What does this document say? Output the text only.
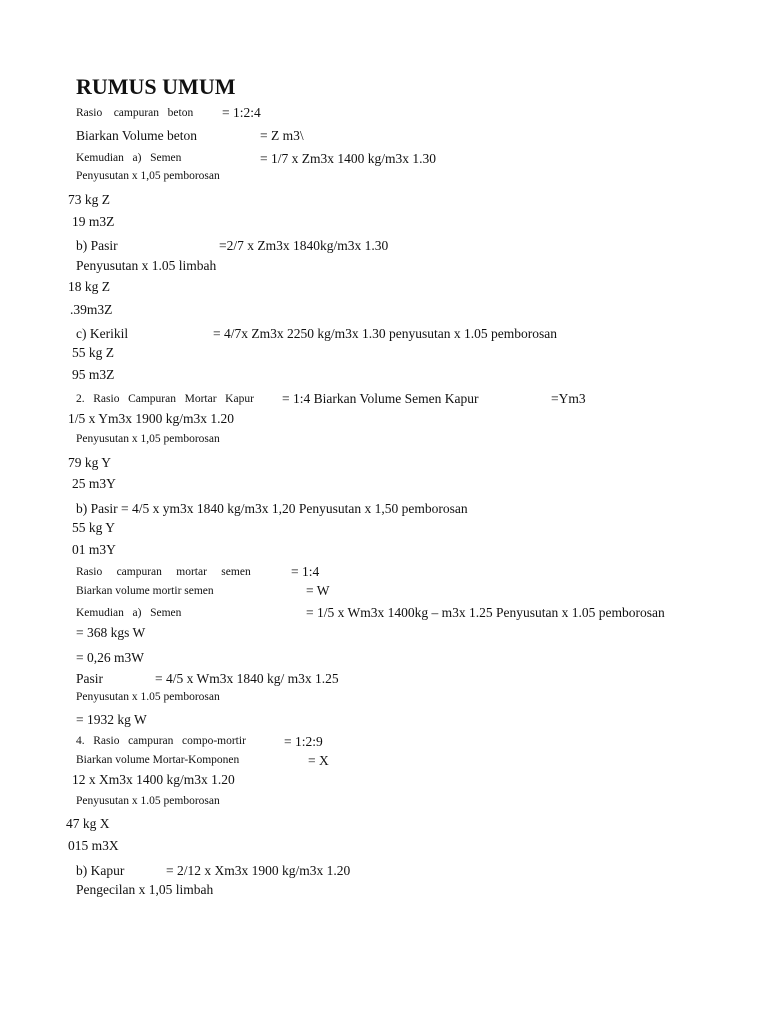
RUMUS UMUM
Rasio    campuran   beton = 1:2:4
Biarkan Volume beton	= Z m3\
Kemudian   a)   Semen	= 1/7 x Zm3x 1400 kg/m3x 1.30
Penyusutan x 1,05 pemborosan
73 kg Z
19 m3Z
b) Pasir	=2/7 x Zm3x 1840kg/m3x 1.30
Penyusutan x 1.05 limbah
18 kg Z
.39m3Z
c) Kerikil	= 4/7x Zm3x 2250 kg/m3x 1.30 penyusutan x 1.05 pemborosan
55 kg Z
95 m3Z
2.   Rasio   Campuran   Mortar   Kapur = 1:4 Biarkan Volume Semen Kapur	=Ym3
1/5 x Ym3x 1900 kg/m3x 1.20
Penyusutan x 1,05 pemborosan
79 kg Y
25 m3Y
b) Pasir = 4/5 x ym3x 1840 kg/m3x 1,20 Penyusutan x 1,50 pemborosan
55 kg Y
01 m3Y
Rasio     campuran     mortar     semen	= 1:4
Biarkan volume mortir semen	= W
Kemudian   a)   Semen	= 1/5 x Wm3x 1400kg – m3x 1.25 Penyusutan x 1.05 pemborosan
= 368 kgs W
= 0,26 m3W
Pasir	= 4/5 x Wm3x 1840 kg/ m3x 1.25
Penyusutan x 1.05 pemborosan
= 1932 kg W
4.   Rasio   campuran   compo-mortir	= 1:2:9
Biarkan volume Mortar-Komponen	= X
12 x Xm3x 1400 kg/m3x 1.20
Penyusutan x 1.05 pemborosan
47 kg X
015 m3X
b) Kapur	= 2/12 x Xm3x 1900 kg/m3x 1.20
Pengecilan x 1,05 limbah
